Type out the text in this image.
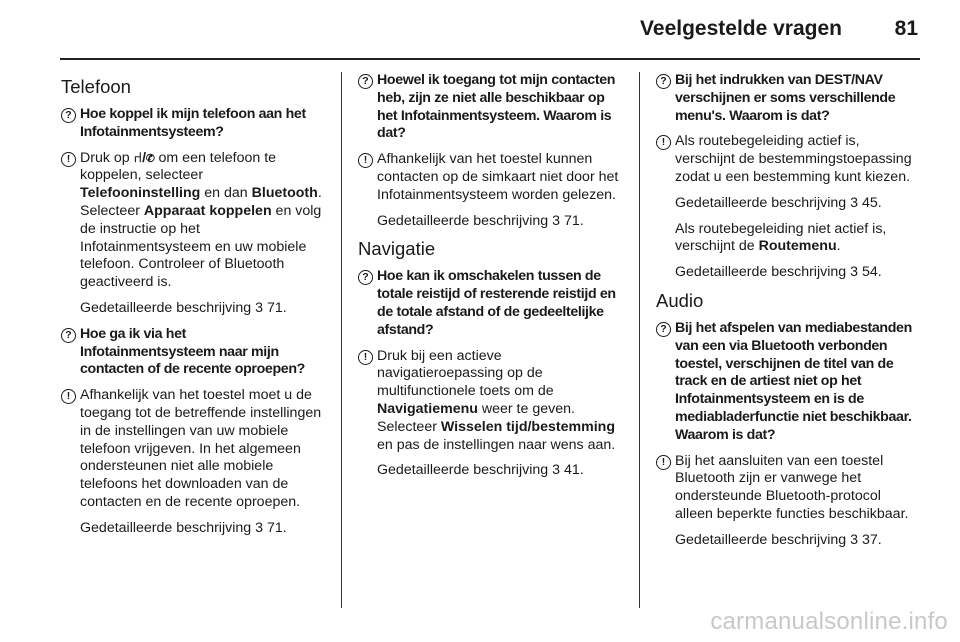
Veelgestelde vragen	81
Telefoon
? Hoe koppel ik mijn telefoon aan het Infotainmentsysteem?
! Druk op ⑁/✆ om een telefoon te koppelen, selecteer Telefooninstelling en dan Bluetooth. Selecteer Apparaat koppelen en volg de instructie op het Infotainmentsysteem en uw mobiele telefoon. Controleer of Bluetooth geactiveerd is.

Gedetailleerde beschrijving 3 71.

? Hoe ga ik via het Infotainmentsysteem naar mijn contacten of de recente oproepen?
! Afhankelijk van het toestel moet u de toegang tot de betreffende instellingen in de instellingen van uw mobiele telefoon vrijgeven. In het algemeen ondersteunen niet alle mobiele telefoons het downloaden van de contacten en de recente oproepen.

Gedetailleerde beschrijving 3 71.

? Hoewel ik toegang tot mijn contacten heb, zijn ze niet alle beschikbaar op het Infotainmentsysteem. Waarom is dat?
! Afhankelijk van het toestel kunnen contacten op de simkaart niet door het Infotainmentsysteem worden gelezen.

Gedetailleerde beschrijving 3 71.

Navigatie
? Hoe kan ik omschakelen tussen de totale reistijd of resterende reistijd en de totale afstand of de gedeeltelijke afstand?
! Druk bij een actieve navigatieroepassing op de multifunctionele toets om de Navigatiemenu weer te geven. Selecteer Wisselen tijd/bestemming en pas de instellingen naar wens aan.

Gedetailleerde beschrijving 3 41.

? Bij het indrukken van DEST/NAV verschijnen er soms verschillende menu's. Waarom is dat?
! Als routebegeleiding actief is, verschijnt de bestemmingstoepassing zodat u een bestemming kunt kiezen.

Gedetailleerde beschrijving 3 45.

Als routebegeleiding niet actief is, verschijnt de Routemenu.

Gedetailleerde beschrijving 3 54.

Audio
? Bij het afspelen van mediabestanden van een via Bluetooth verbonden toestel, verschijnen de titel van de track en de artiest niet op het Infotainmentsysteem en is de mediabladerfunctie niet beschikbaar. Waarom is dat?
! Bij het aansluiten van een toestel Bluetooth zijn er vanwege het ondersteunde Bluetooth-protocol alleen beperkte functies beschikbaar.

Gedetailleerde beschrijving 3 37.

carmanualsonline.info
